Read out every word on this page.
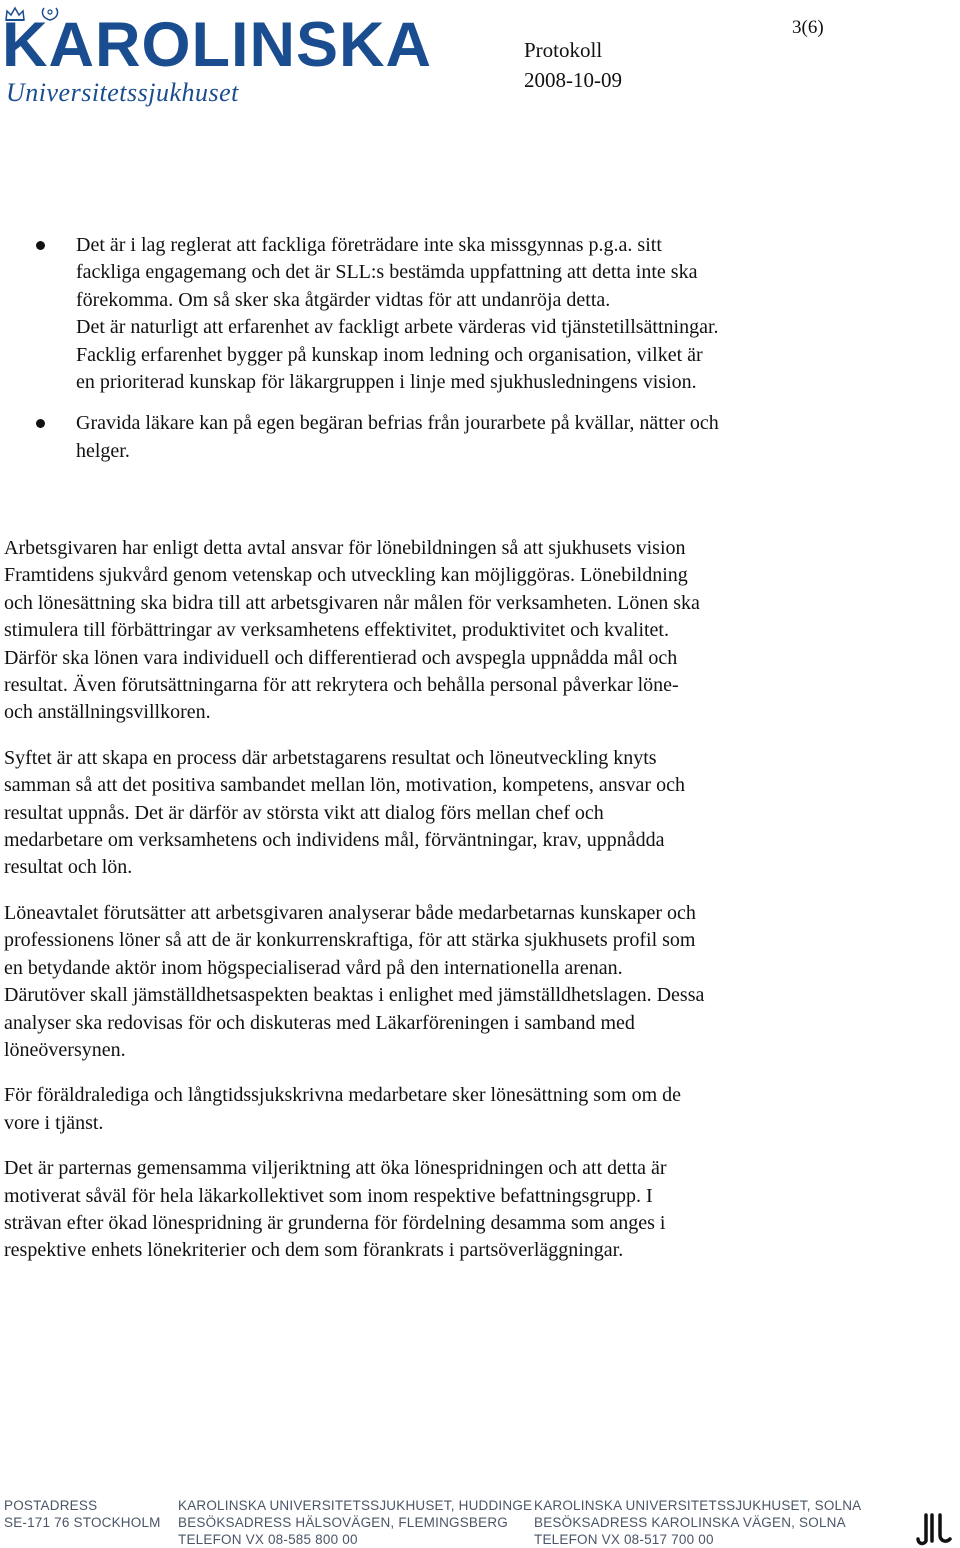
KAROLINSKA
Universitetssjukhuset
Protokoll
2008-10-09
3(6)
Det är i lag reglerat att fackliga företrädare inte ska missgynnas p.g.a. sitt
fackliga engagemang och det är SLL:s bestämda uppfattning att detta inte ska
förekomma. Om så sker ska åtgärder vidtas för att undanröja detta.
Det är naturligt att erfarenhet av fackligt arbete värderas vid tjänstetillsättningar.
Facklig erfarenhet bygger på kunskap inom ledning och organisation, vilket är
en prioriterad kunskap för läkargruppen i linje med sjukhusledningens vision.
Gravida läkare kan på egen begäran befrias från jourarbete på kvällar, nätter och
helger.

Arbetsgivaren har enligt detta avtal ansvar för lönebildningen så att sjukhusets vision
Framtidens sjukvård genom vetenskap och utveckling kan möjliggöras. Lönebildning
och lönesättning ska bidra till att arbetsgivaren når målen för verksamheten. Lönen ska
stimulera till förbättringar av verksamhetens effektivitet, produktivitet och kvalitet.
Därför ska lönen vara individuell och differentierad och avspegla uppnådda mål och
resultat. Även förutsättningarna för att rekrytera och behålla personal påverkar löne-
och anställningsvillkoren.

Syftet är att skapa en process där arbetstagarens resultat och löneutveckling knyts
samman så att det positiva sambandet mellan lön, motivation, kompetens, ansvar och
resultat uppnås. Det är därför av största vikt att dialog förs mellan chef och
medarbetare om verksamhetens och individens mål, förväntningar, krav, uppnådda
resultat och lön.

Löneavtalet förutsätter att arbetsgivaren analyserar både medarbetarnas kunskaper och
professionens löner så att de är konkurrenskraftiga, för att stärka sjukhusets profil som
en betydande aktör inom högspecialiserad vård på den internationella arenan.
Därutöver skall jämställdhetsaspekten beaktas i enlighet med jämställdhetslagen. Dessa
analyser ska redovisas för och diskuteras med Läkarföreningen i samband med
löneöversynen.

För föräldralediga och långtidssjukskrivna medarbetare sker lönesättning som om de
vore i tjänst.

Det är parternas gemensamma viljeriktning att öka lönespridningen och att detta är
motiverat såväl för hela läkarkollektivet som inom respektive befattningsgrupp. I
strävan efter ökad lönespridning är grunderna för fördelning desamma som anges i
respektive enhets lönekriterier och dem som förankrats i partsöverläggningar.

POSTADRESS
SE-171 76 STOCKHOLM
KAROLINSKA UNIVERSITETSSJUKHUSET, HUDDINGE
BESÖKSADRESS HÄLSOVÄGEN, FLEMINGSBERG
TELEFON VX 08-585 800 00
KAROLINSKA UNIVERSITETSSJUKHUSET, SOLNA
BESÖKSADRESS KAROLINSKA VÄGEN, SOLNA
TELEFON VX 08-517 700 00
